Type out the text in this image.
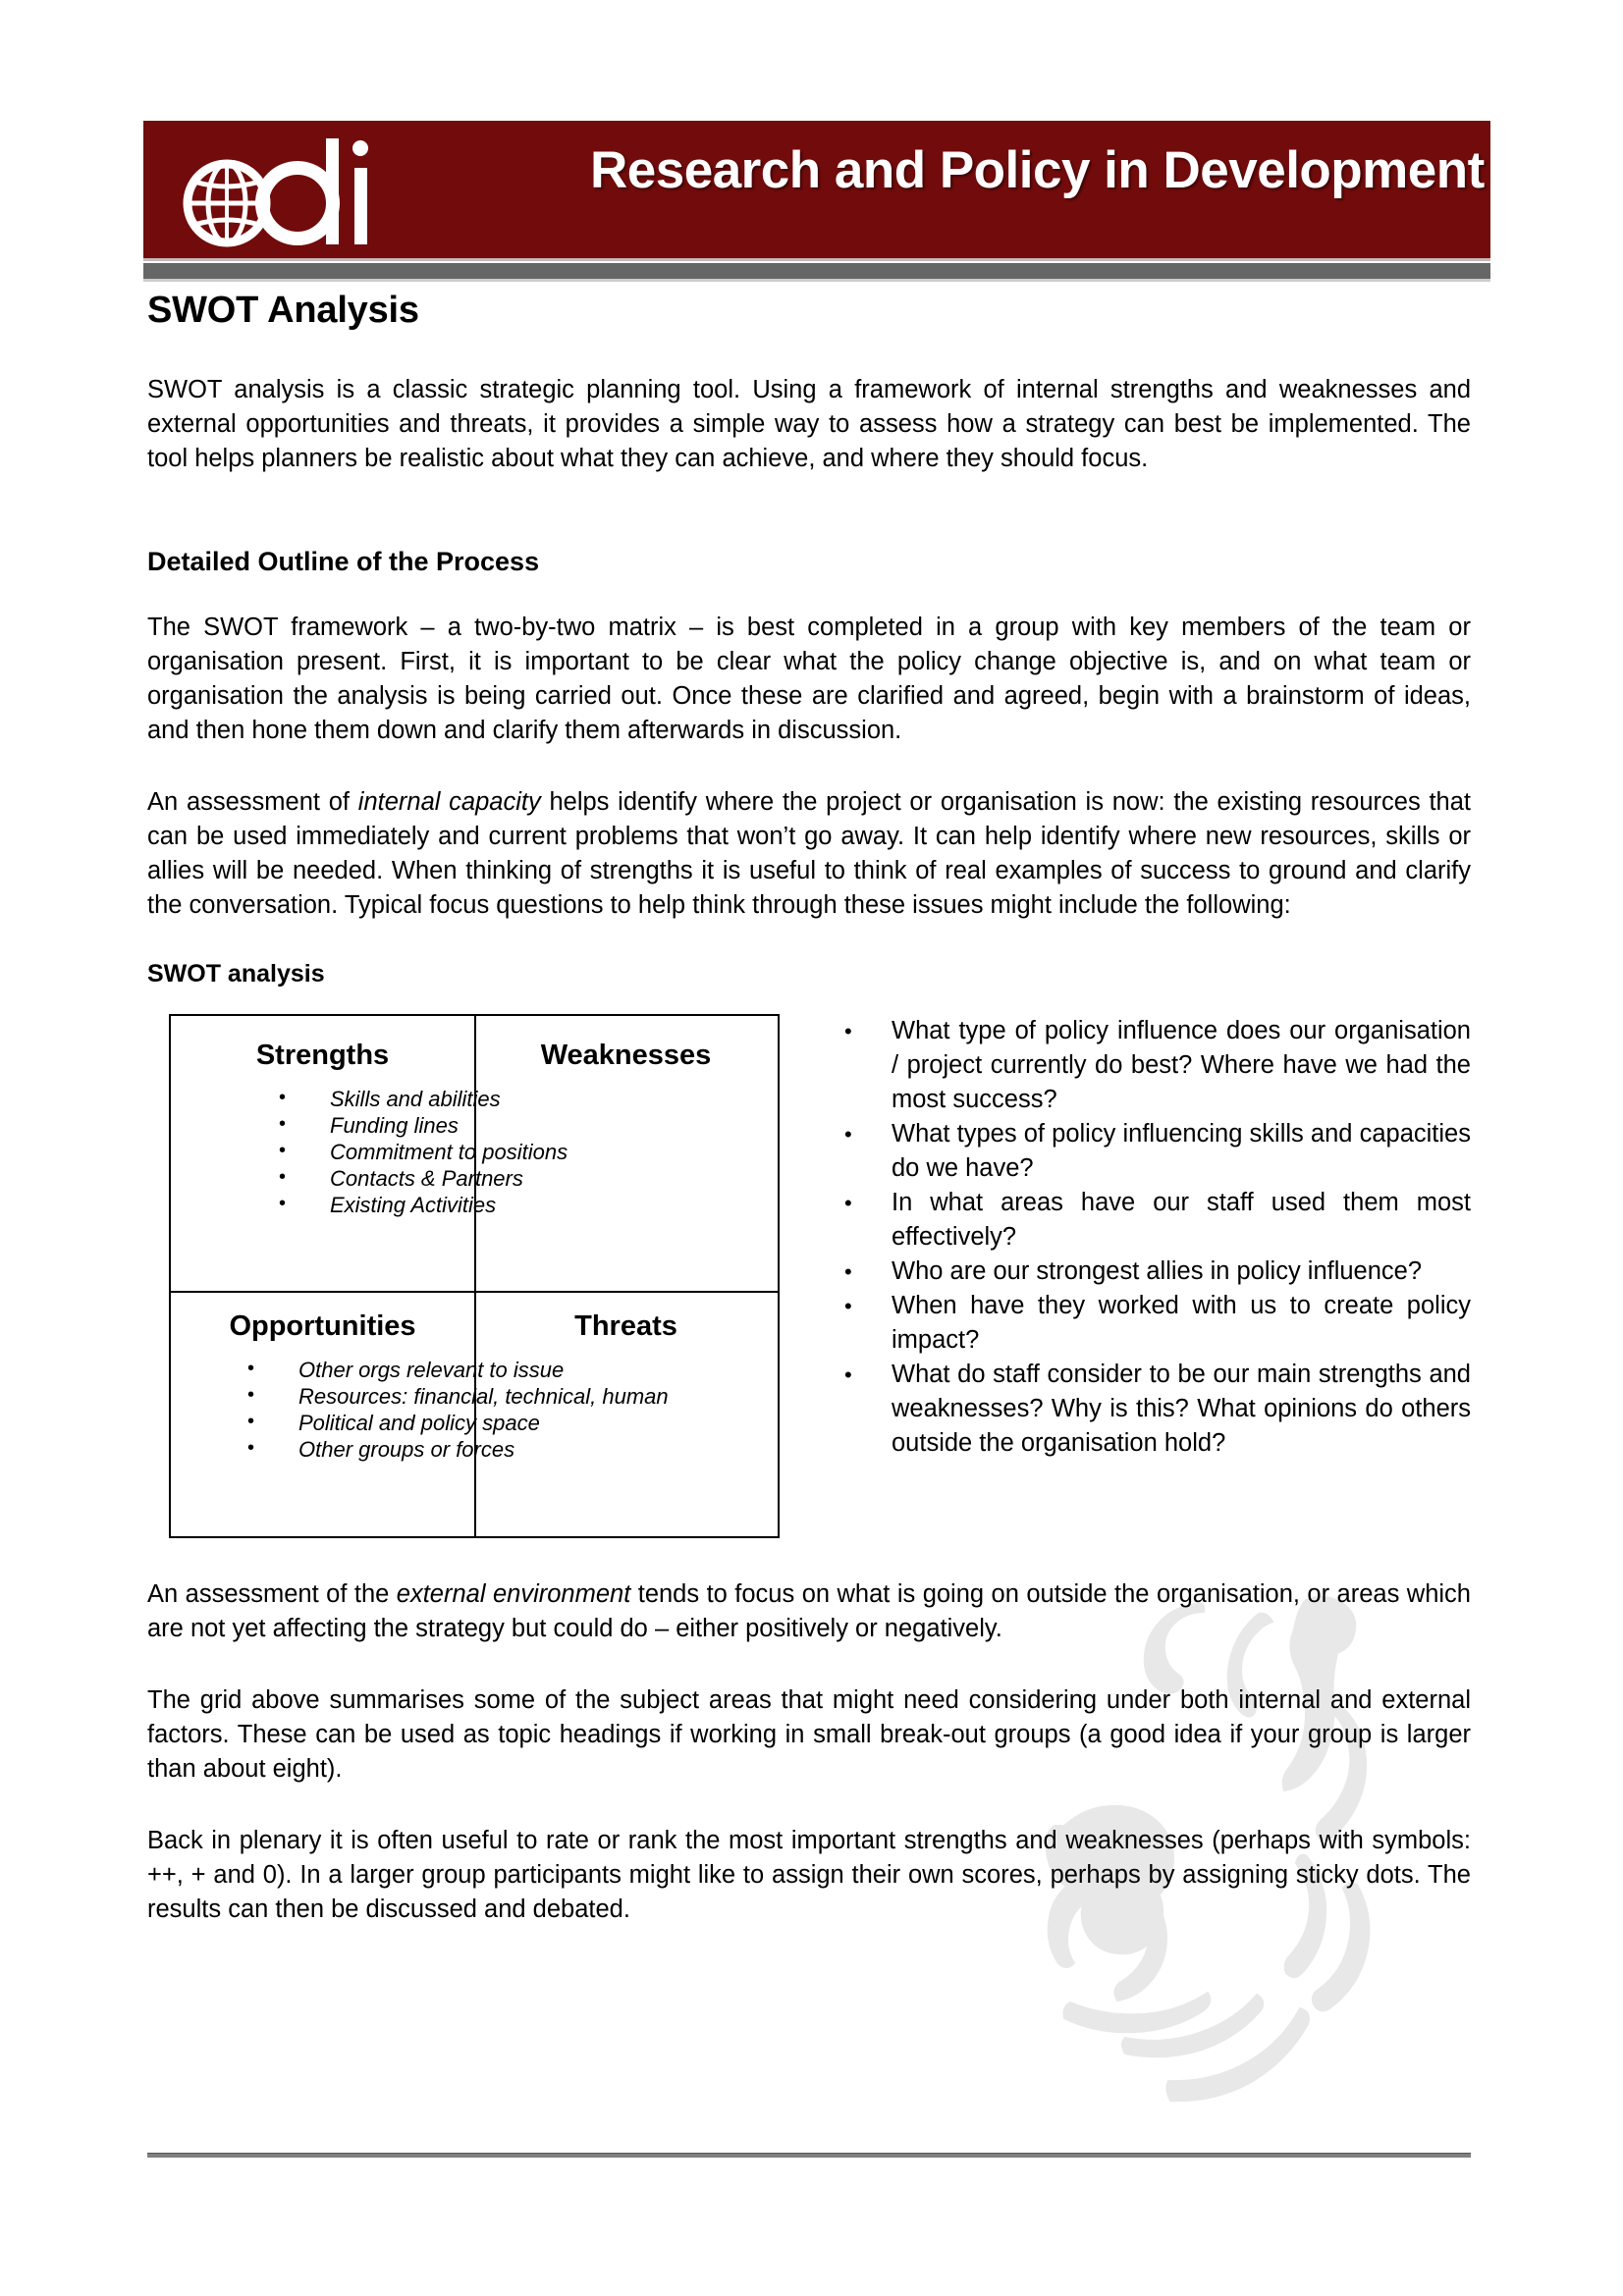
Research and Policy in Development
SWOT Analysis

SWOT analysis is a classic strategic planning tool. Using a framework of internal strengths and weaknesses and external opportunities and threats, it provides a simple way to assess how a strategy can best be implemented. The tool helps planners be realistic about what they can achieve, and where they should focus.

Detailed Outline of the Process

The SWOT framework – a two-by-two matrix – is best completed in a group with key members of the team or organisation present. First, it is important to be clear what the policy change objective is, and on what team or organisation the analysis is being carried out. Once these are clarified and agreed, begin with a brainstorm of ideas, and then hone them down and clarify them afterwards in discussion.

An assessment of internal capacity helps identify where the project or organisation is now: the existing resources that can be used immediately and current problems that won’t go away. It can help identify where new resources, skills or allies will be needed. When thinking of strengths it is useful to think of real examples of success to ground and clarify the conversation. Typical focus questions to help think through these issues might include the following:

SWOT analysis
Strengths	Weaknesses
• Skills and abilities
• Funding lines
• Commitment to positions
• Contacts & Partners
• Existing Activities
Opportunities	Threats
• Other orgs relevant to issue
• Resources: financial, technical, human
• Political and policy space
• Other groups or forces
• What type of policy influence does our organisation / project currently do best? Where have we had the most success?
• What types of policy influencing skills and capacities do we have?
• In what areas have our staff used them most effectively?
• Who are our strongest allies in policy influence?
• When have they worked with us to create policy impact?
• What do staff consider to be our main strengths and weaknesses? Why is this? What opinions do others outside the organisation hold?

An assessment of the external environment tends to focus on what is going on outside the organisation, or areas which are not yet affecting the strategy but could do – either positively or negatively.

The grid above summarises some of the subject areas that might need considering under both internal and external factors. These can be used as topic headings if working in small break-out groups (a good idea if your group is larger than about eight).

Back in plenary it is often useful to rate or rank the most important strengths and weaknesses (perhaps with symbols: ++, + and 0). In a larger group participants might like to assign their own scores, perhaps by assigning sticky dots. The results can then be discussed and debated.
